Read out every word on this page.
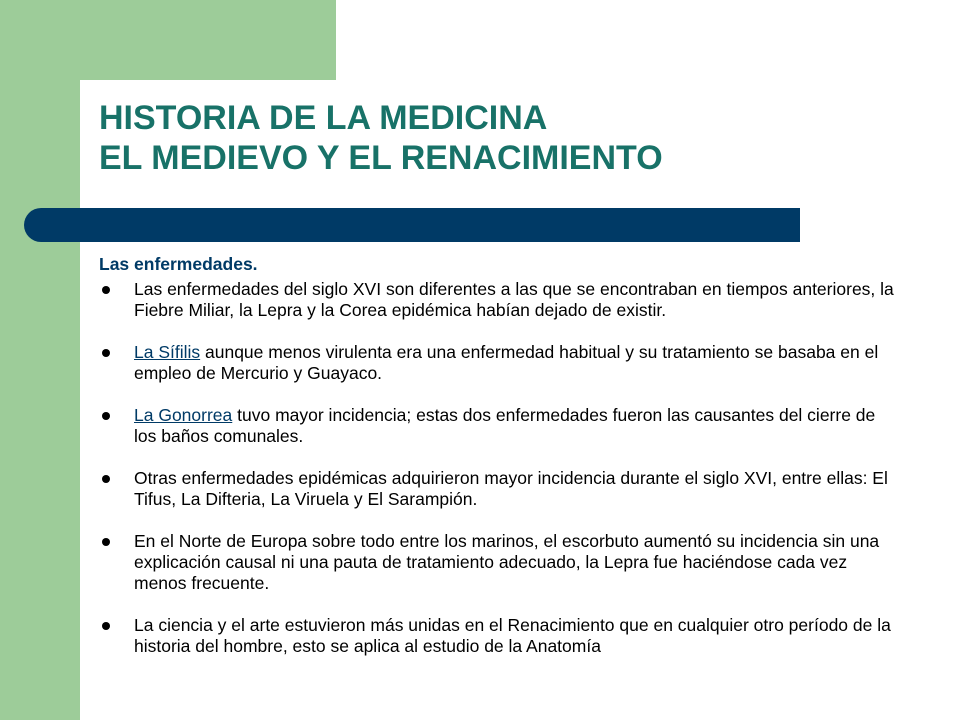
HISTORIA DE LA MEDICINA
EL MEDIEVO Y EL RENACIMIENTO
Las enfermedades.
Las enfermedades del siglo XVI son diferentes a las que se encontraban en tiempos anteriores, la Fiebre Miliar, la Lepra y la Corea epidémica habían dejado de existir.
La Sífilis aunque menos virulenta era una enfermedad habitual y su tratamiento se basaba en el empleo de Mercurio y Guayaco.
La Gonorrea tuvo mayor incidencia; estas dos enfermedades fueron las causantes del cierre de los baños comunales.
Otras enfermedades epidémicas adquirieron mayor incidencia durante el siglo XVI, entre ellas: El Tifus, La Difteria, La Viruela y El Sarampión.
En el Norte de Europa sobre todo entre los marinos, el escorbuto aumentó su incidencia sin una explicación causal ni una pauta de tratamiento adecuado, la Lepra fue haciéndose cada vez menos frecuente.
La ciencia y el arte estuvieron más unidas en el Renacimiento que en cualquier otro período de la historia del hombre, esto se aplica al estudio de la Anatomía
